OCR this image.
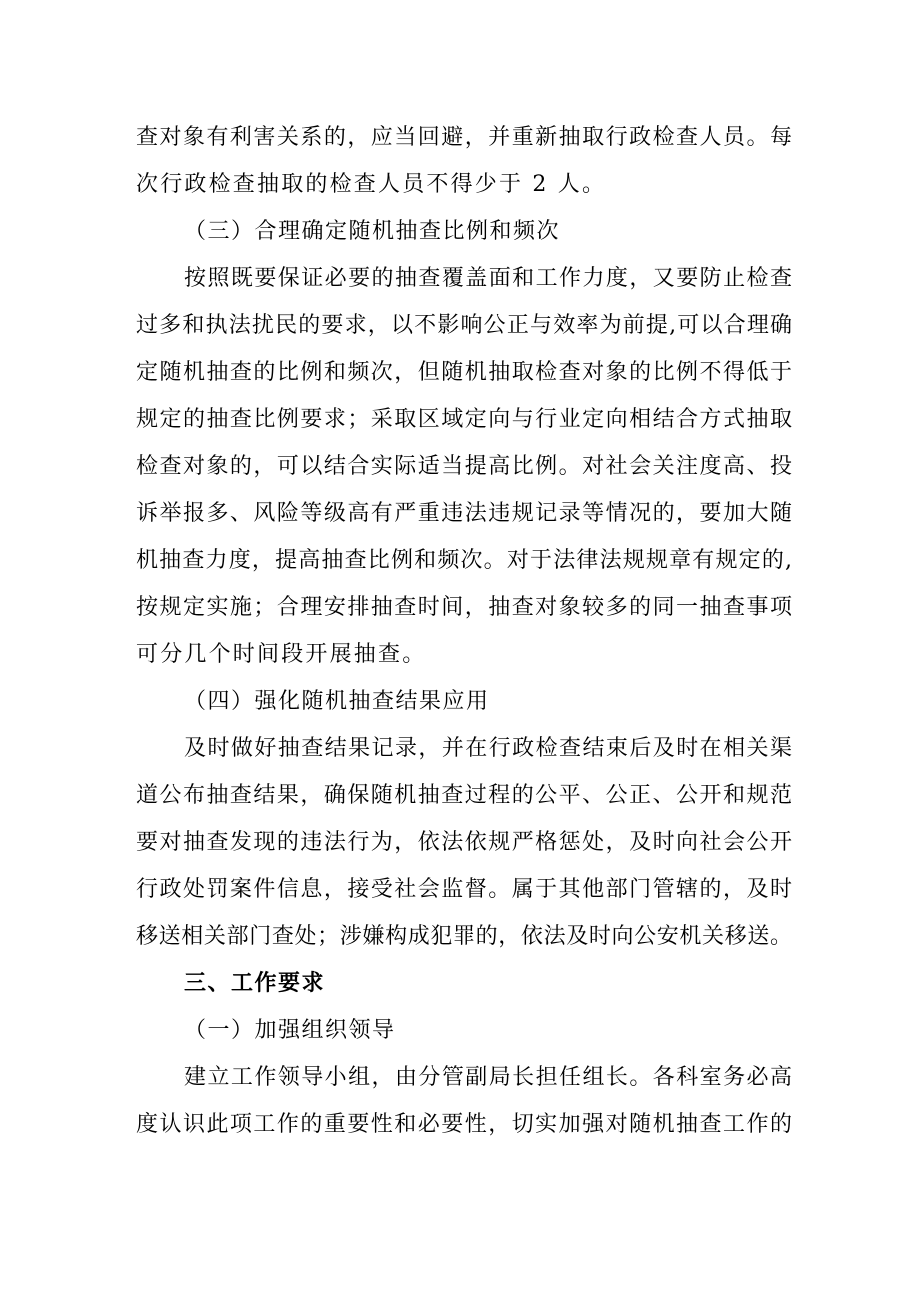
查对象有利害关系的，应当回避，并重新抽取行政检查人员。每
次行政检查抽取的检查人员不得少于 2 人。
（三）合理确定随机抽查比例和频次
按照既要保证必要的抽查覆盖面和工作力度，又要防止检查
过多和执法扰民的要求，以不影响公正与效率为前提,可以合理确
定随机抽查的比例和频次，但随机抽取检查对象的比例不得低于
规定的抽查比例要求；采取区域定向与行业定向相结合方式抽取
检查对象的，可以结合实际适当提高比例。对社会关注度高、投
诉举报多、风险等级高有严重违法违规记录等情况的，要加大随
机抽查力度，提高抽查比例和频次。对于法律法规规章有规定的,
按规定实施；合理安排抽查时间，抽查对象较多的同一抽查事项
可分几个时间段开展抽查。
（四）强化随机抽查结果应用
及时做好抽查结果记录，并在行政检查结束后及时在相关渠
道公布抽查结果，确保随机抽查过程的公平、公正、公开和规范
要对抽查发现的违法行为，依法依规严格惩处，及时向社会公开
行政处罚案件信息，接受社会监督。属于其他部门管辖的，及时
移送相关部门查处；涉嫌构成犯罪的，依法及时向公安机关移送。
三、工作要求
（一）加强组织领导
建立工作领导小组，由分管副局长担任组长。各科室务必高
度认识此项工作的重要性和必要性，切实加强对随机抽查工作的
